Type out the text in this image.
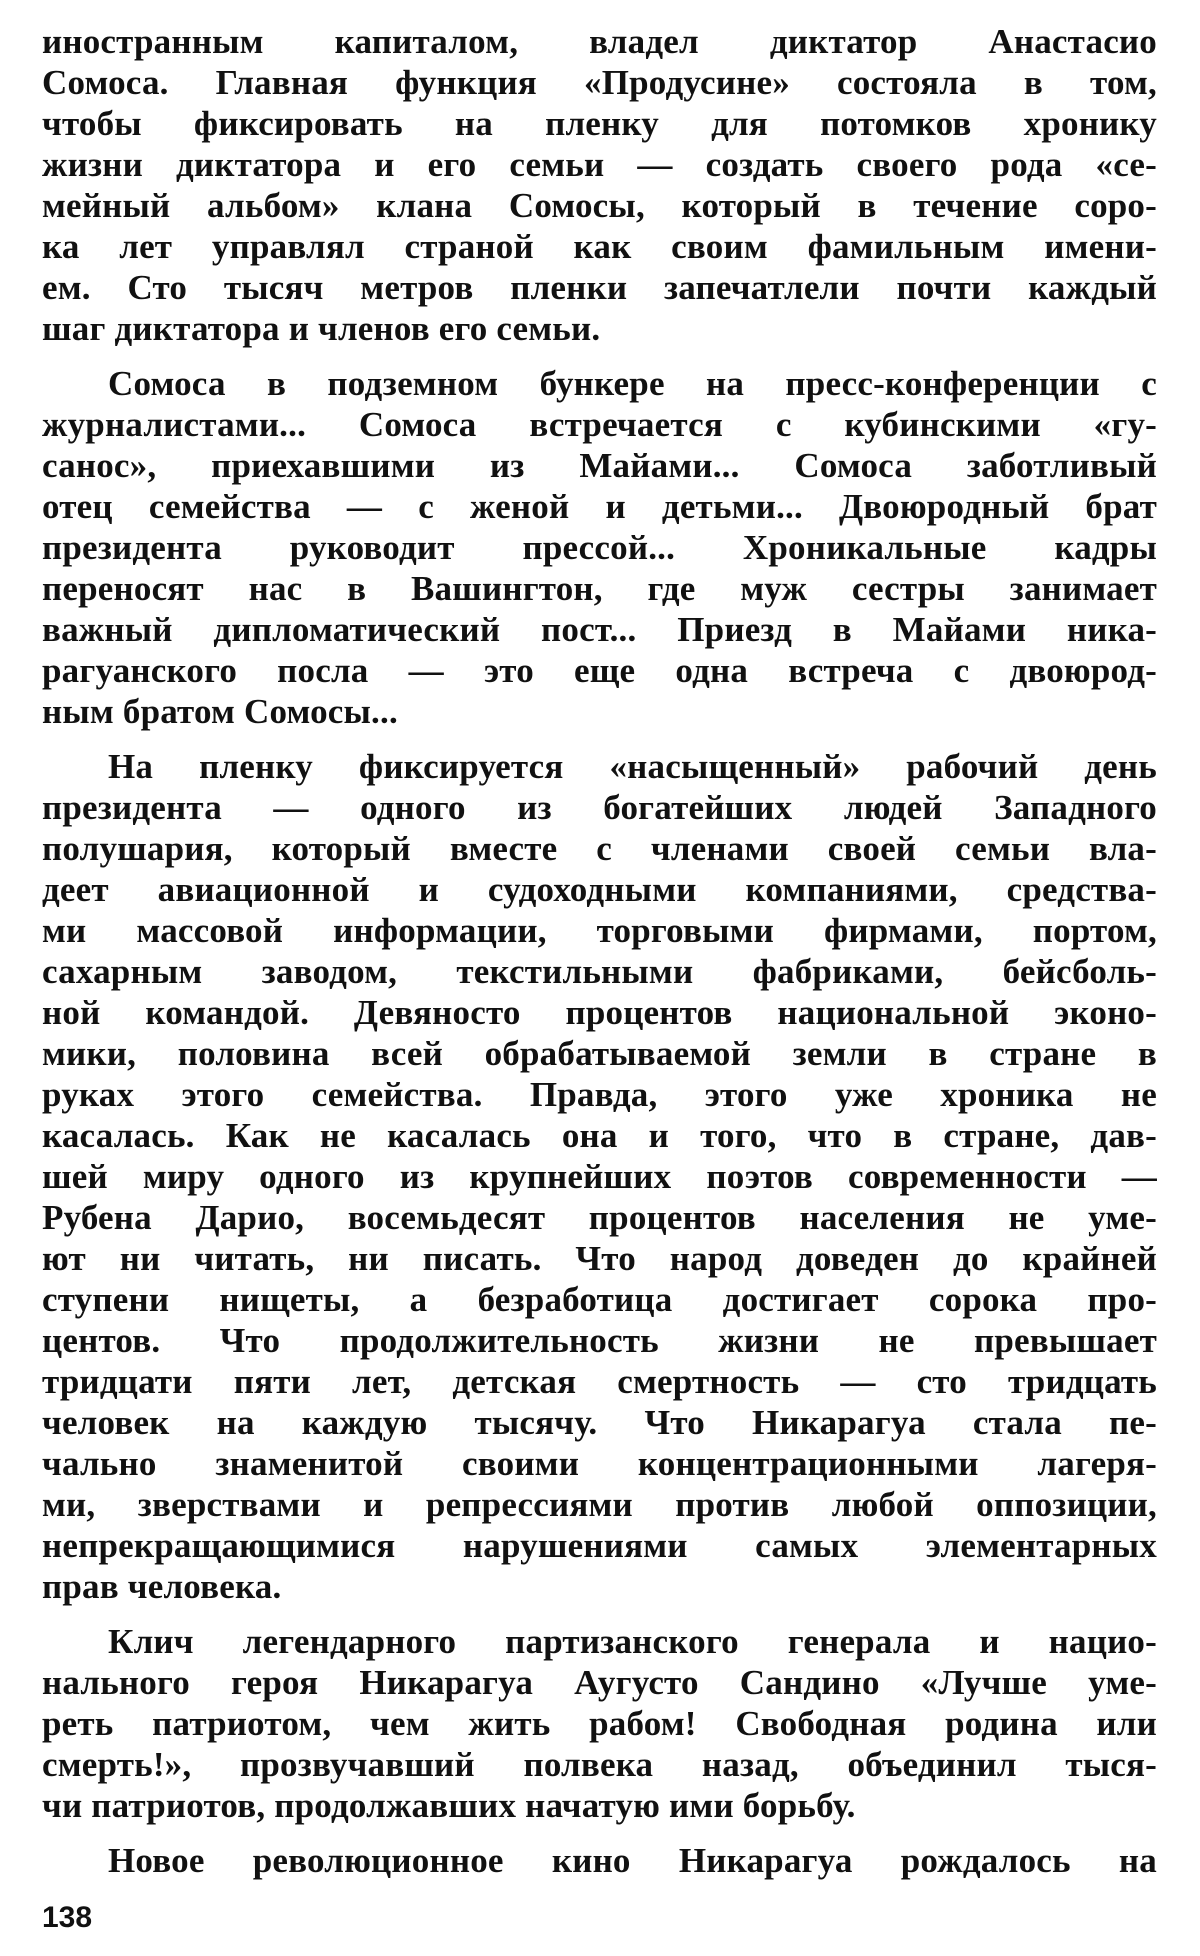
иностранным капиталом, владел диктатор Анастасио
Сомоса. Главная функция «Продусине» состояла в том,
чтобы фиксировать на пленку для потомков хронику
жизни диктатора и его семьи — создать своего рода «се-
мейный альбом» клана Сомосы, который в течение соро-
ка лет управлял страной как своим фамильным имени-
ем. Сто тысяч метров пленки запечатлели почти каждый
шаг диктатора и членов его семьи.
Сомоса в подземном бункере на пресс-конференции с
журналистами... Сомоса встречается с кубинскими «гу-
санос», приехавшими из Майами... Сомоса заботливый
отец семейства — с женой и детьми... Двоюродный брат
президента руководит прессой... Хроникальные кадры
переносят нас в Вашингтон, где муж сестры занимает
важный дипломатический пост... Приезд в Майами ника-
рагуанского посла — это еще одна встреча с двоюрод-
ным братом Сомосы...
На пленку фиксируется «насыщенный» рабочий день
президента — одного из богатейших людей Западного
полушария, который вместе с членами своей семьи вла-
деет авиационной и судоходными компаниями, средства-
ми массовой информации, торговыми фирмами, портом,
сахарным заводом, текстильными фабриками, бейсболь-
ной командой. Девяносто процентов национальной эконо-
мики, половина всей обрабатываемой земли в стране в
руках этого семейства. Правда, этого уже хроника не
касалась. Как не касалась она и того, что в стране, дав-
шей миру одного из крупнейших поэтов современности —
Рубена Дарио, восемьдесят процентов населения не уме-
ют ни читать, ни писать. Что народ доведен до крайней
ступени нищеты, а безработица достигает сорока про-
центов. Что продолжительность жизни не превышает
тридцати пяти лет, детская смертность — сто тридцать
человек на каждую тысячу. Что Никарагуа стала пе-
чально знаменитой своими концентрационными лагеря-
ми, зверствами и репрессиями против любой оппозиции,
непрекращающимися нарушениями самых элементарных
прав человека.
Клич легендарного партизанского генерала и нацио-
нального героя Никарагуа Аугусто Сандино «Лучше уме-
реть патриотом, чем жить рабом! Свободная родина или
смерть!», прозвучавший полвека назад, объединил тыся-
чи патриотов, продолжавших начатую ими борьбу.
Новое революционное кино Никарагуа рождалось на
138
